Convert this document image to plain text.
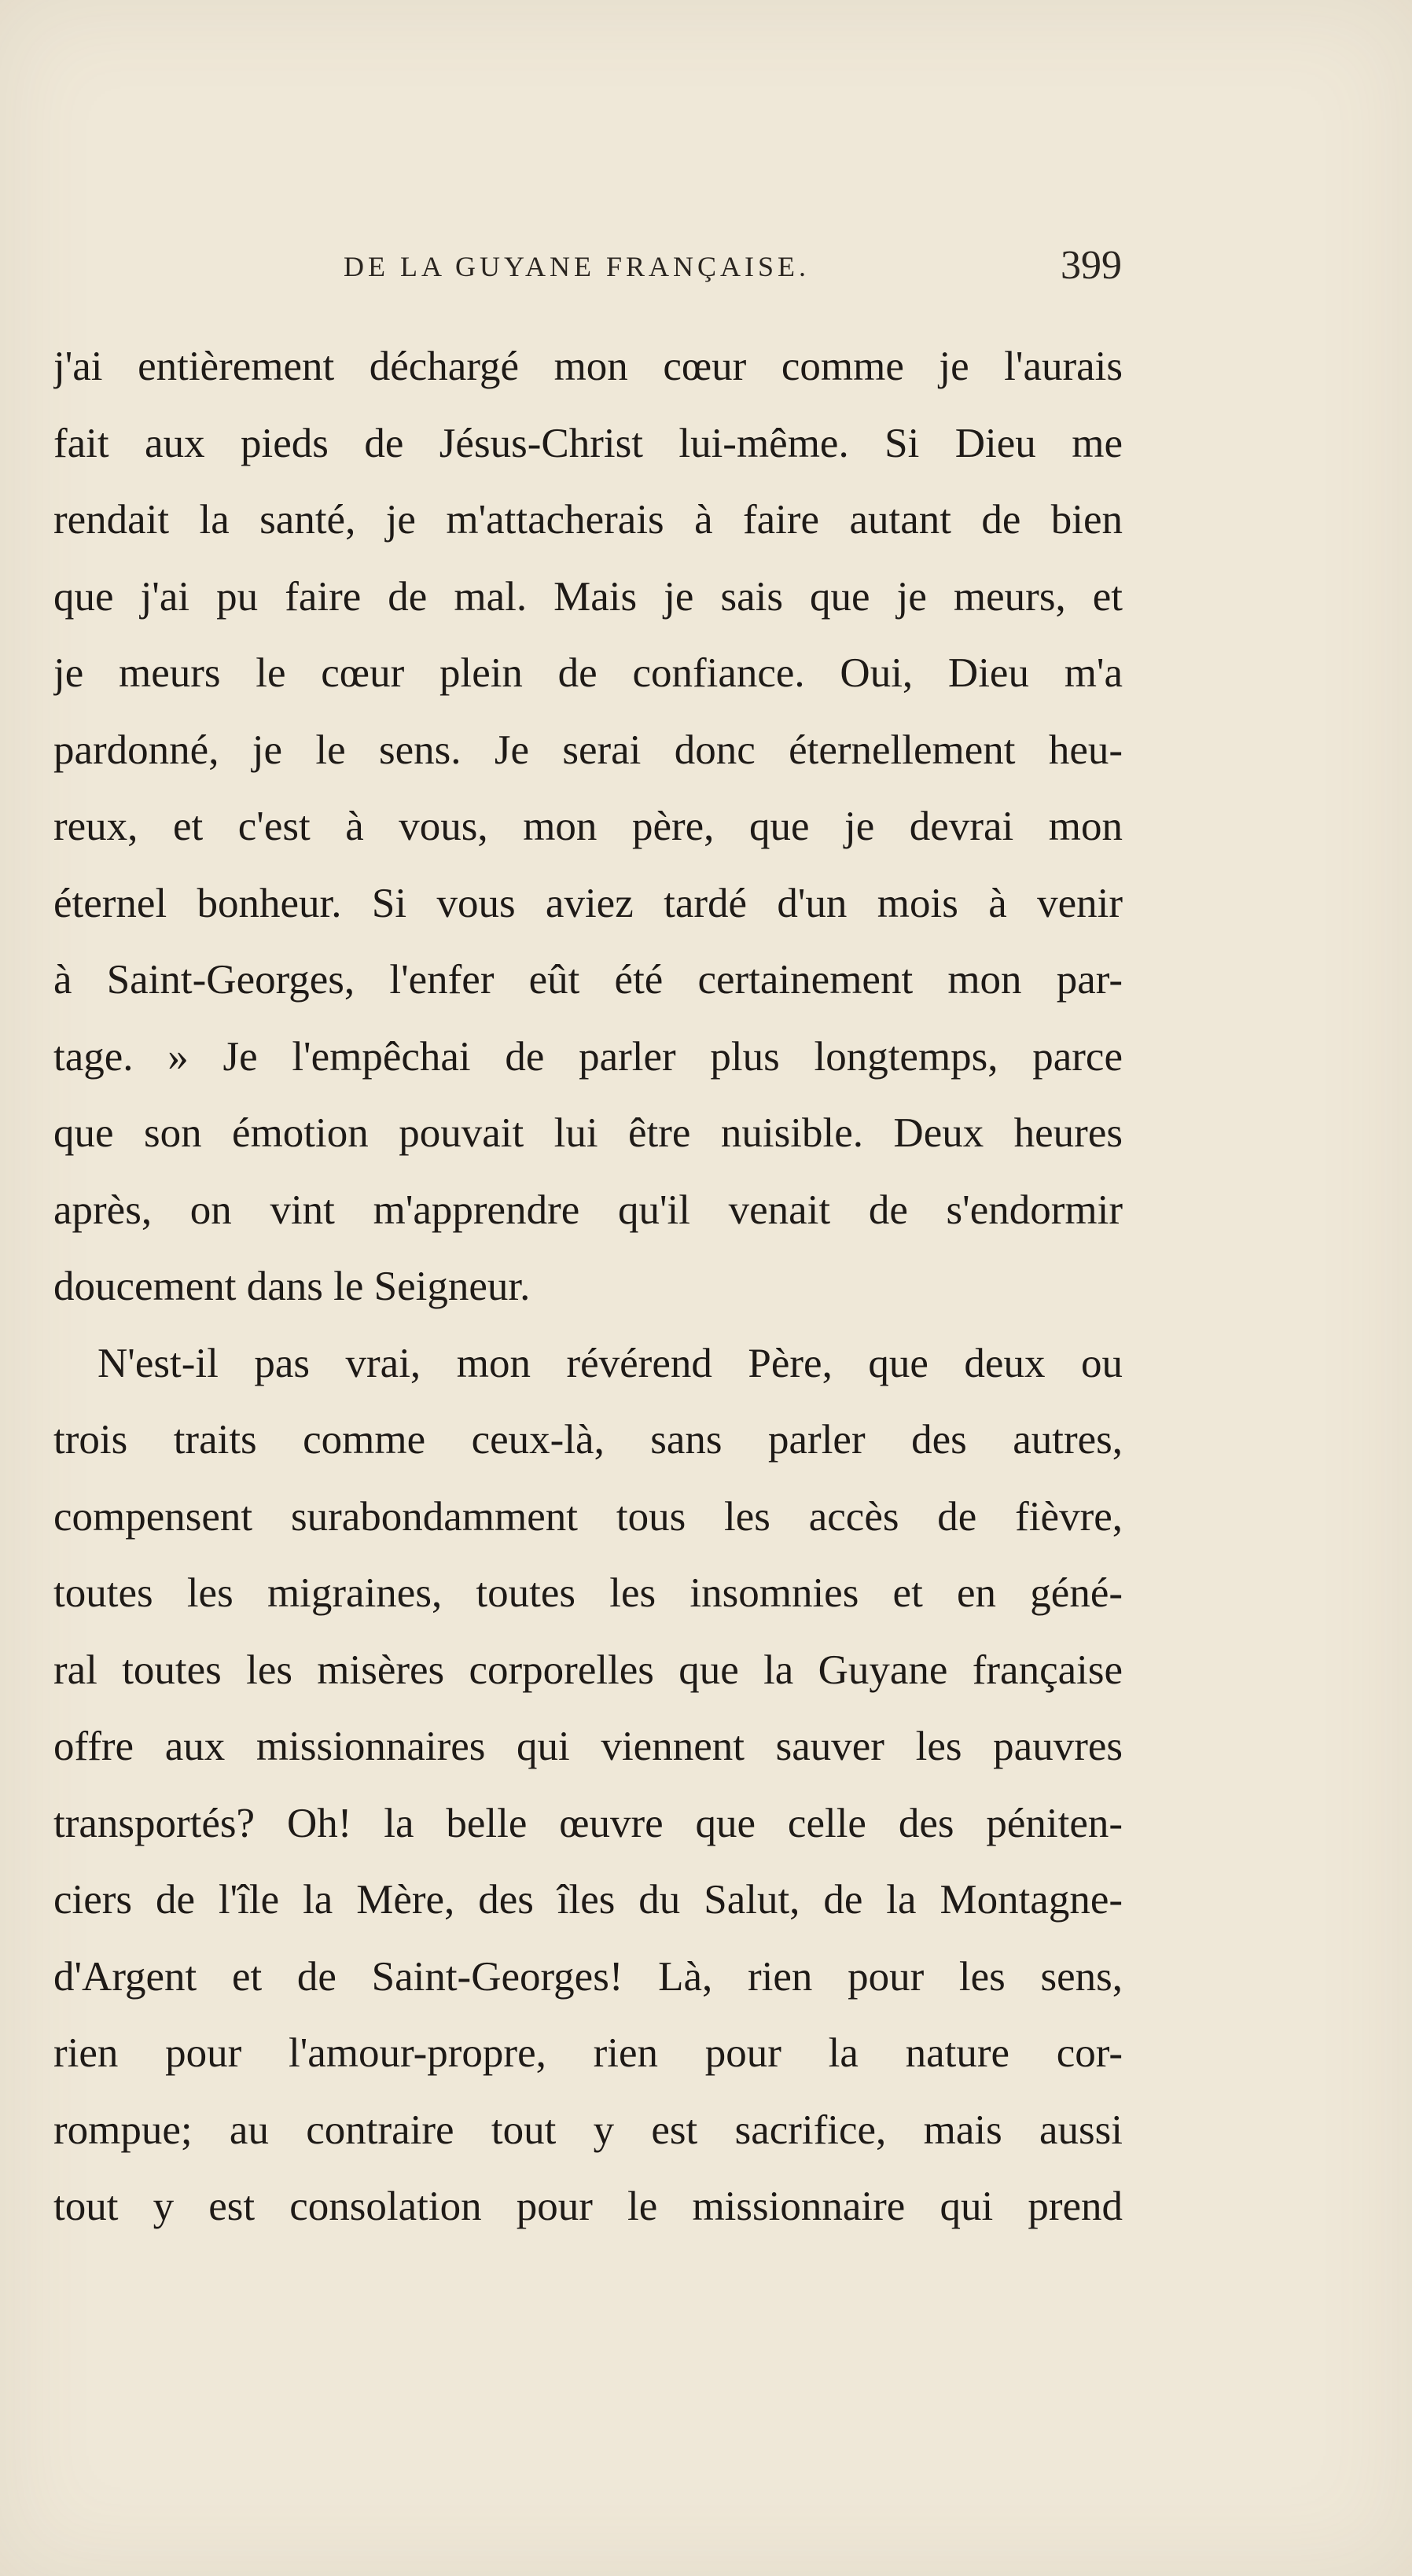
DE LA GUYANE FRANÇAISE.	399
j'ai entièrement déchargé mon cœur comme je l'aurais
fait aux pieds de Jésus-Christ lui-même. Si Dieu me
rendait la santé, je m'attacherais à faire autant de bien
que j'ai pu faire de mal. Mais je sais que je meurs, et
je meurs le cœur plein de confiance. Oui, Dieu m'a
pardonné, je le sens. Je serai donc éternellement heu-
reux, et c'est à vous, mon père, que je devrai mon
éternel bonheur. Si vous aviez tardé d'un mois à venir
à Saint-Georges, l'enfer eût été certainement mon par-
tage. » Je l'empêchai de parler plus longtemps, parce
que son émotion pouvait lui être nuisible. Deux heures
après, on vint m'apprendre qu'il venait de s'endormir
doucement dans le Seigneur.
N'est-il pas vrai, mon révérend Père, que deux ou
trois traits comme ceux-là, sans parler des autres,
compensent surabondamment tous les accès de fièvre,
toutes les migraines, toutes les insomnies et en géné-
ral toutes les misères corporelles que la Guyane française
offre aux missionnaires qui viennent sauver les pauvres
transportés? Oh! la belle œuvre que celle des péniten-
ciers de l'île la Mère, des îles du Salut, de la Montagne-
d'Argent et de Saint-Georges! Là, rien pour les sens,
rien pour l'amour-propre, rien pour la nature cor-
rompue; au contraire tout y est sacrifice, mais aussi
tout y est consolation pour le missionnaire qui prend
